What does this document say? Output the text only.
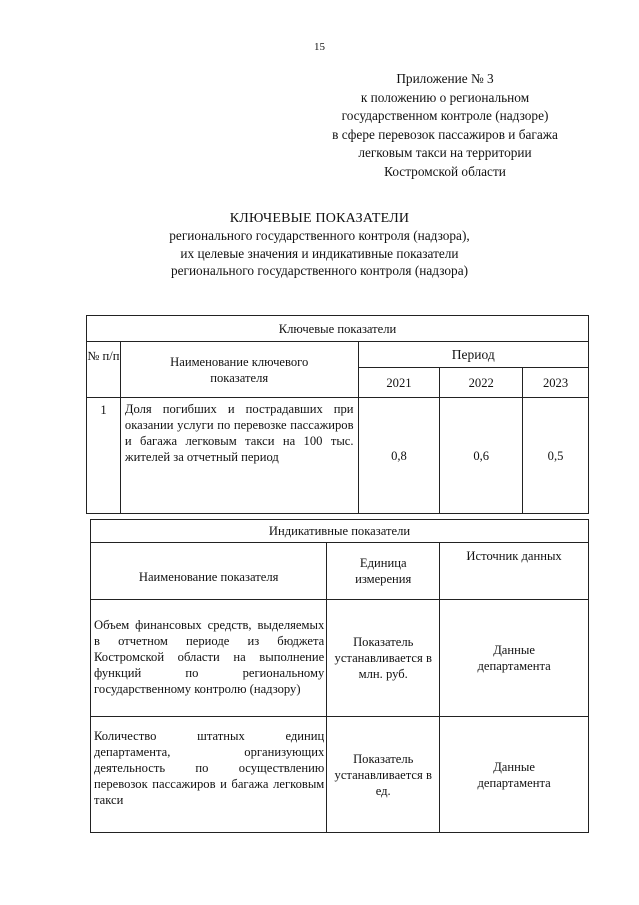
15
Приложение № 3
к положению о региональном
государственном контроле (надзоре)
в сфере перевозок пассажиров и багажа
легковым такси на территории
Костромской области
КЛЮЧЕВЫЕ ПОКАЗАТЕЛИ
регионального государственного контроля (надзора),
их целевые значения и индикативные показатели
регионального государственного контроля (надзора)
Ключевые показатели				
№ п/п	Наименование ключевого показателя	Период		
		2021	2022	2023
1	Доля погибших и пострадавших при оказании услуги по перевозке пассажиров и багажа легковым такси на 100 тыс. жителей за отчетный период	0,8	0,6	0,5
Индикативные показатели		
Наименование показателя	Единица измерения	Источник данных
Объем финансовых средств, выделяемых в отчетном периоде из бюджета Костромской области на выполнение функций по региональному государственному контролю (надзору)	Показатель устанавливается в млн. руб.	Данные департамента
Количество штатных единиц департамента, организующих деятельность по осуществлению перевозок пассажиров и багажа легковым такси	Показатель устанавливается в ед.	Данные департамента
